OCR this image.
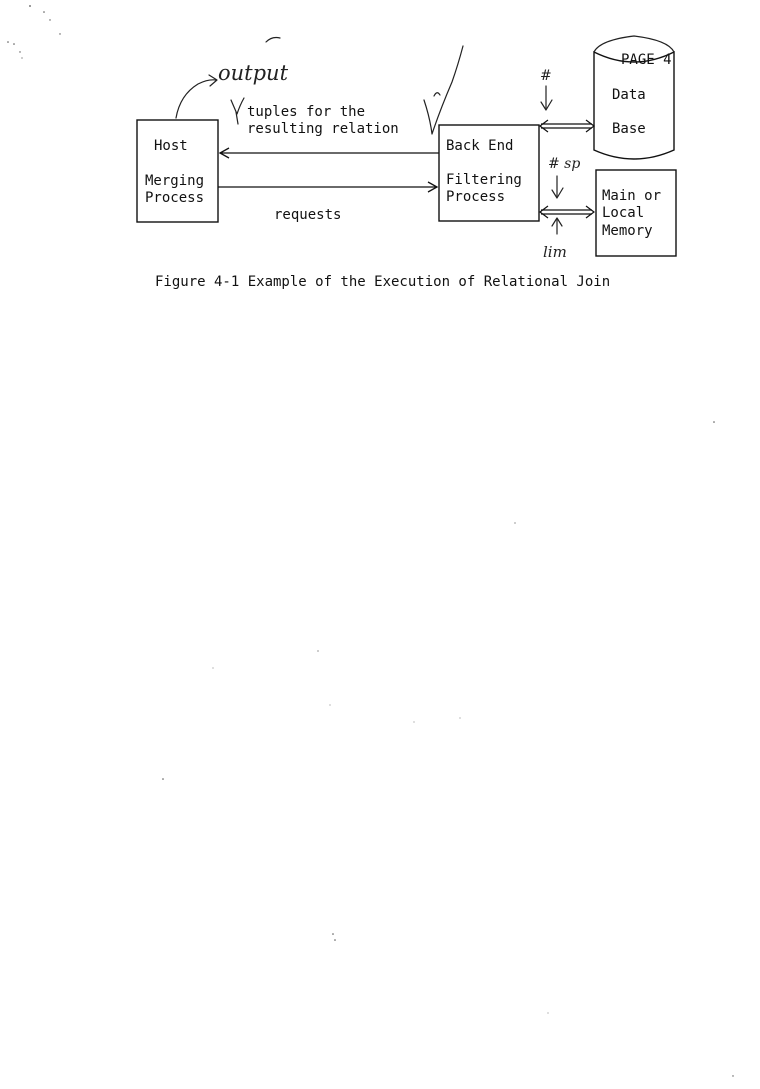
Host
Merging
Process
Back End
Filtering
Process
tuples for the
resulting relation
requests
Data
Base
PAGE 4
Main or
Local
Memory
output	#
# sp
lim
Figure 4-1 Example of the Execution of Relational Join
